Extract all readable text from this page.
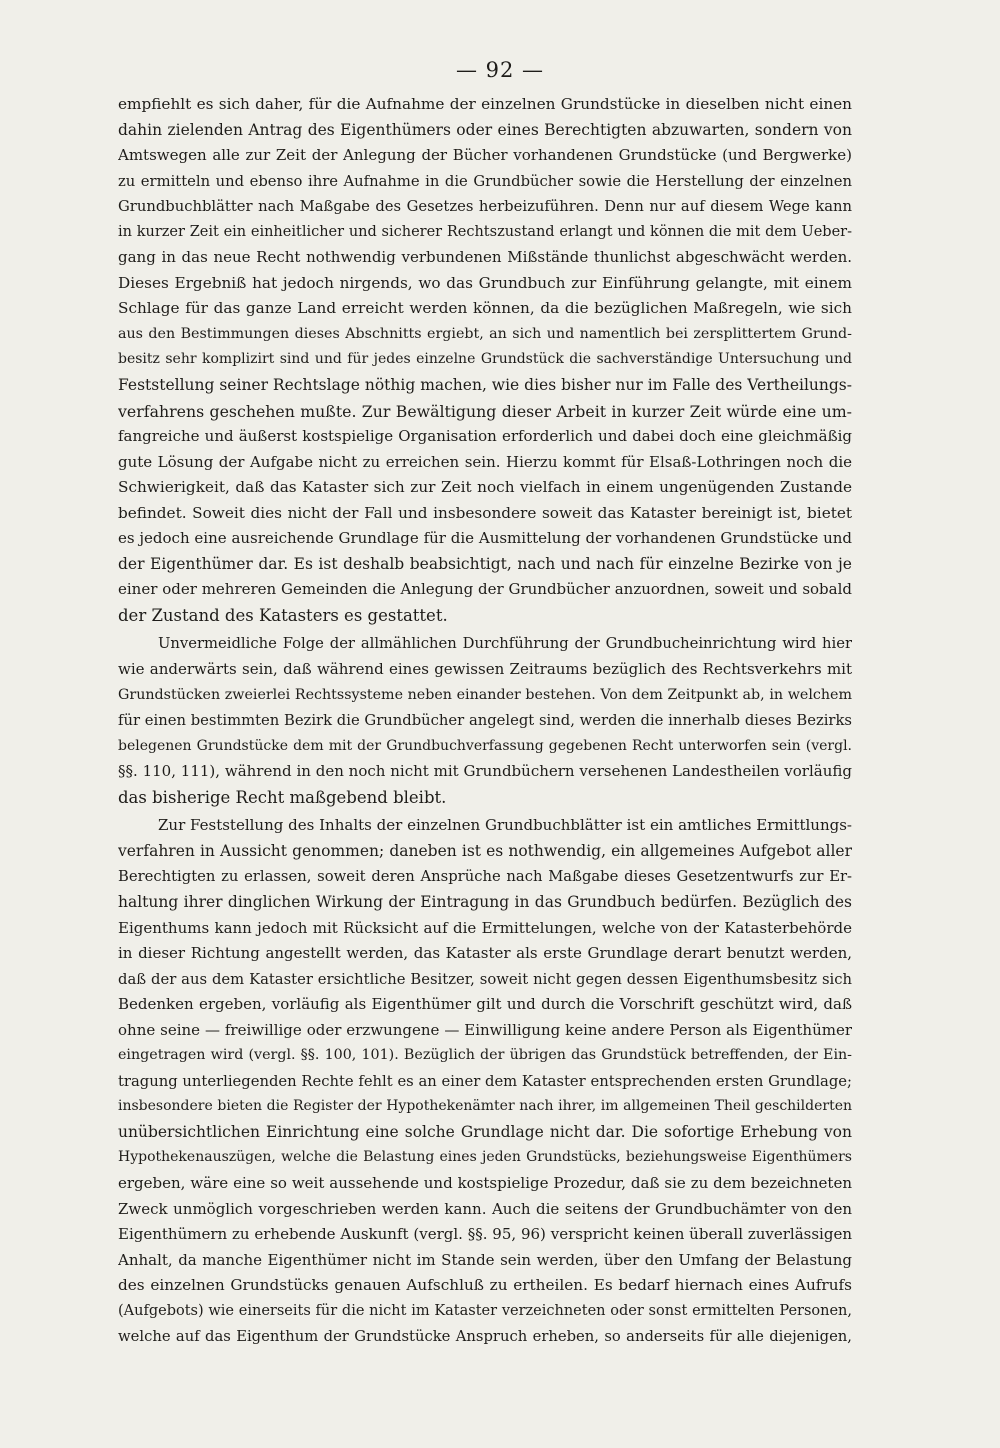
— 92 —
empfiehlt es sich daher, für die Aufnahme der einzelnen Grundstücke in dieselben nicht einen
dahin zielenden Antrag des Eigenthümers oder eines Berechtigten abzuwarten, sondern von
Amtswegen alle zur Zeit der Anlegung der Bücher vorhandenen Grundstücke (und Bergwerke)
zu ermitteln und ebenso ihre Aufnahme in die Grundbücher sowie die Herstellung der einzelnen
Grundbuchblätter nach Maßgabe des Gesetzes herbeizuführen. Denn nur auf diesem Wege kann
in kurzer Zeit ein einheitlicher und sicherer Rechtszustand erlangt und können die mit dem Ueber-
gang in das neue Recht nothwendig verbundenen Mißstände thunlichst abgeschwächt werden.
Dieses Ergebniß hat jedoch nirgends, wo das Grundbuch zur Einführung gelangte, mit einem
Schlage für das ganze Land erreicht werden können, da die bezüglichen Maßregeln, wie sich
aus den Bestimmungen dieses Abschnitts ergiebt, an sich und namentlich bei zersplittertem Grund-
besitz sehr komplizirt sind und für jedes einzelne Grundstück die sachverständige Untersuchung und
Feststellung seiner Rechtslage nöthig machen, wie dies bisher nur im Falle des Vertheilungs-
verfahrens geschehen mußte. Zur Bewältigung dieser Arbeit in kurzer Zeit würde eine um-
fangreiche und äußerst kostspielige Organisation erforderlich und dabei doch eine gleichmäßig
gute Lösung der Aufgabe nicht zu erreichen sein. Hierzu kommt für Elsaß-Lothringen noch die
Schwierigkeit, daß das Kataster sich zur Zeit noch vielfach in einem ungenügenden Zustande
befindet. Soweit dies nicht der Fall und insbesondere soweit das Kataster bereinigt ist, bietet
es jedoch eine ausreichende Grundlage für die Ausmittelung der vorhandenen Grundstücke und
der Eigenthümer dar. Es ist deshalb beabsichtigt, nach und nach für einzelne Bezirke von je
einer oder mehreren Gemeinden die Anlegung der Grundbücher anzuordnen, soweit und sobald
der Zustand des Katasters es gestattet.
Unvermeidliche Folge der allmählichen Durchführung der Grundbucheinrichtung wird hier
wie anderwärts sein, daß während eines gewissen Zeitraums bezüglich des Rechtsverkehrs mit
Grundstücken zweierlei Rechtssysteme neben einander bestehen. Von dem Zeitpunkt ab, in welchem
für einen bestimmten Bezirk die Grundbücher angelegt sind, werden die innerhalb dieses Bezirks
belegenen Grundstücke dem mit der Grundbuchverfassung gegebenen Recht unterworfen sein (vergl.
§§. 110, 111), während in den noch nicht mit Grundbüchern versehenen Landestheilen vorläufig
das bisherige Recht maßgebend bleibt.
Zur Feststellung des Inhalts der einzelnen Grundbuchblätter ist ein amtliches Ermittlungs-
verfahren in Aussicht genommen; daneben ist es nothwendig, ein allgemeines Aufgebot aller
Berechtigten zu erlassen, soweit deren Ansprüche nach Maßgabe dieses Gesetzentwurfs zur Er-
haltung ihrer dinglichen Wirkung der Eintragung in das Grundbuch bedürfen. Bezüglich des
Eigenthums kann jedoch mit Rücksicht auf die Ermittelungen, welche von der Katasterbehörde
in dieser Richtung angestellt werden, das Kataster als erste Grundlage derart benutzt werden,
daß der aus dem Kataster ersichtliche Besitzer, soweit nicht gegen dessen Eigenthumsbesitz sich
Bedenken ergeben, vorläufig als Eigenthümer gilt und durch die Vorschrift geschützt wird, daß
ohne seine — freiwillige oder erzwungene — Einwilligung keine andere Person als Eigenthümer
eingetragen wird (vergl. §§. 100, 101). Bezüglich der übrigen das Grundstück betreffenden, der Ein-
tragung unterliegenden Rechte fehlt es an einer dem Kataster entsprechenden ersten Grundlage;
insbesondere bieten die Register der Hypothekenämter nach ihrer, im allgemeinen Theil geschilderten
unübersichtlichen Einrichtung eine solche Grundlage nicht dar. Die sofortige Erhebung von
Hypothekenauszügen, welche die Belastung eines jeden Grundstücks, beziehungsweise Eigenthümers
ergeben, wäre eine so weit aussehende und kostspielige Prozedur, daß sie zu dem bezeichneten
Zweck unmöglich vorgeschrieben werden kann. Auch die seitens der Grundbuchämter von den
Eigenthümern zu erhebende Auskunft (vergl. §§. 95, 96) verspricht keinen überall zuverlässigen
Anhalt, da manche Eigenthümer nicht im Stande sein werden, über den Umfang der Belastung
des einzelnen Grundstücks genauen Aufschluß zu ertheilen. Es bedarf hiernach eines Aufrufs
(Aufgebots) wie einerseits für die nicht im Kataster verzeichneten oder sonst ermittelten Personen,
welche auf das Eigenthum der Grundstücke Anspruch erheben, so anderseits für alle diejenigen,
